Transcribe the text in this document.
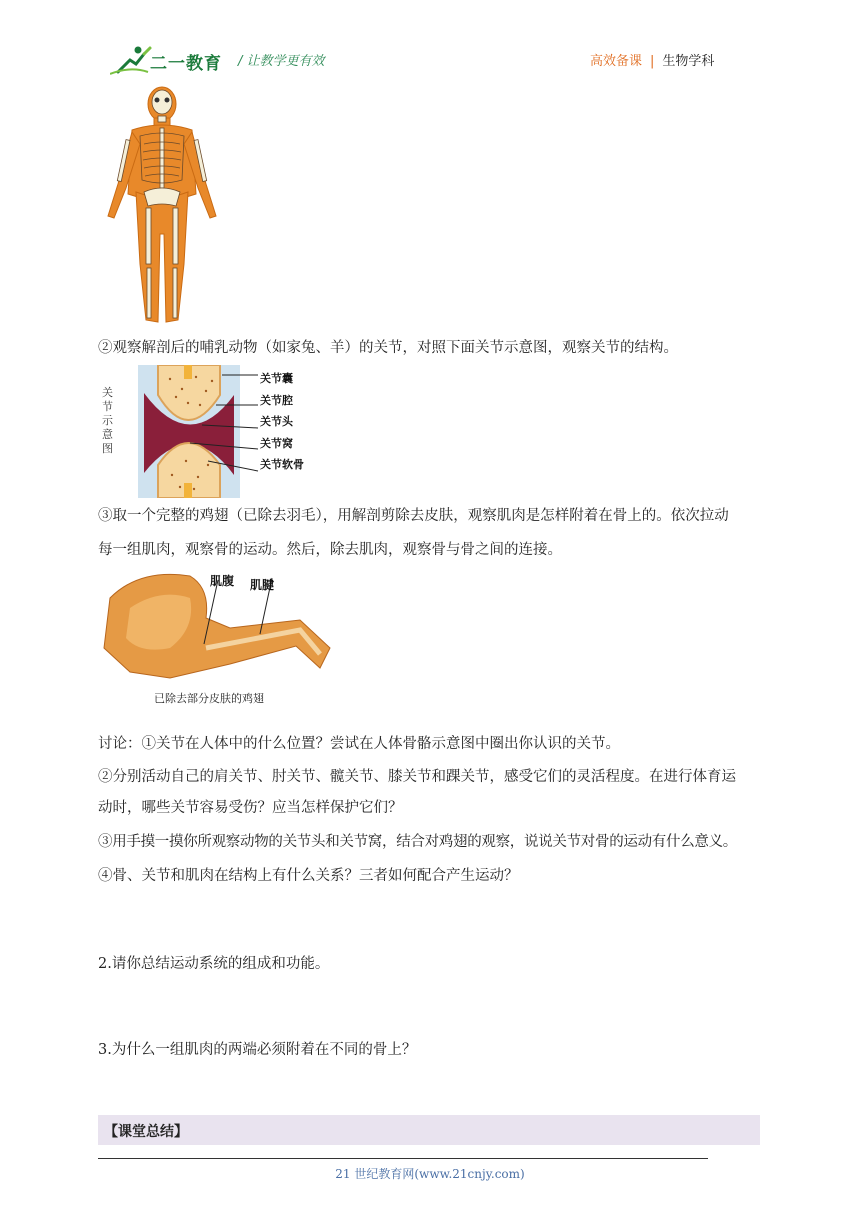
二一教育 / 让教学更有效	高效备课 | 生物学科
②观察解剖后的哺乳动物（如家兔、羊）的关节，对照下面关节示意图，观察关节的结构。
关
节
示
意
图
关节囊
关节腔
关节头
关节窝
关节软骨
③取一个完整的鸡翅（已除去羽毛），用解剖剪除去皮肤，观察肌肉是怎样附着在骨上的。依次拉动
每一组肌肉，观察骨的运动。然后，除去肌肉，观察骨与骨之间的连接。
肌腹 肌腱
已除去部分皮肤的鸡翅
讨论：①关节在人体中的什么位置？尝试在人体骨骼示意图中圈出你认识的关节。
②分别活动自己的肩关节、肘关节、髋关节、膝关节和踝关节，感受它们的灵活程度。在进行体育运
动时，哪些关节容易受伤？应当怎样保护它们？
③用手摸一摸你所观察动物的关节头和关节窝，结合对鸡翅的观察，说说关节对骨的运动有什么意义。
④骨、关节和肌肉在结构上有什么关系？三者如何配合产生运动？
2.请你总结运动系统的组成和功能。
3.为什么一组肌肉的两端必须附着在不同的骨上？
【课堂总结】
21 世纪教育网(www.21cnjy.com)
